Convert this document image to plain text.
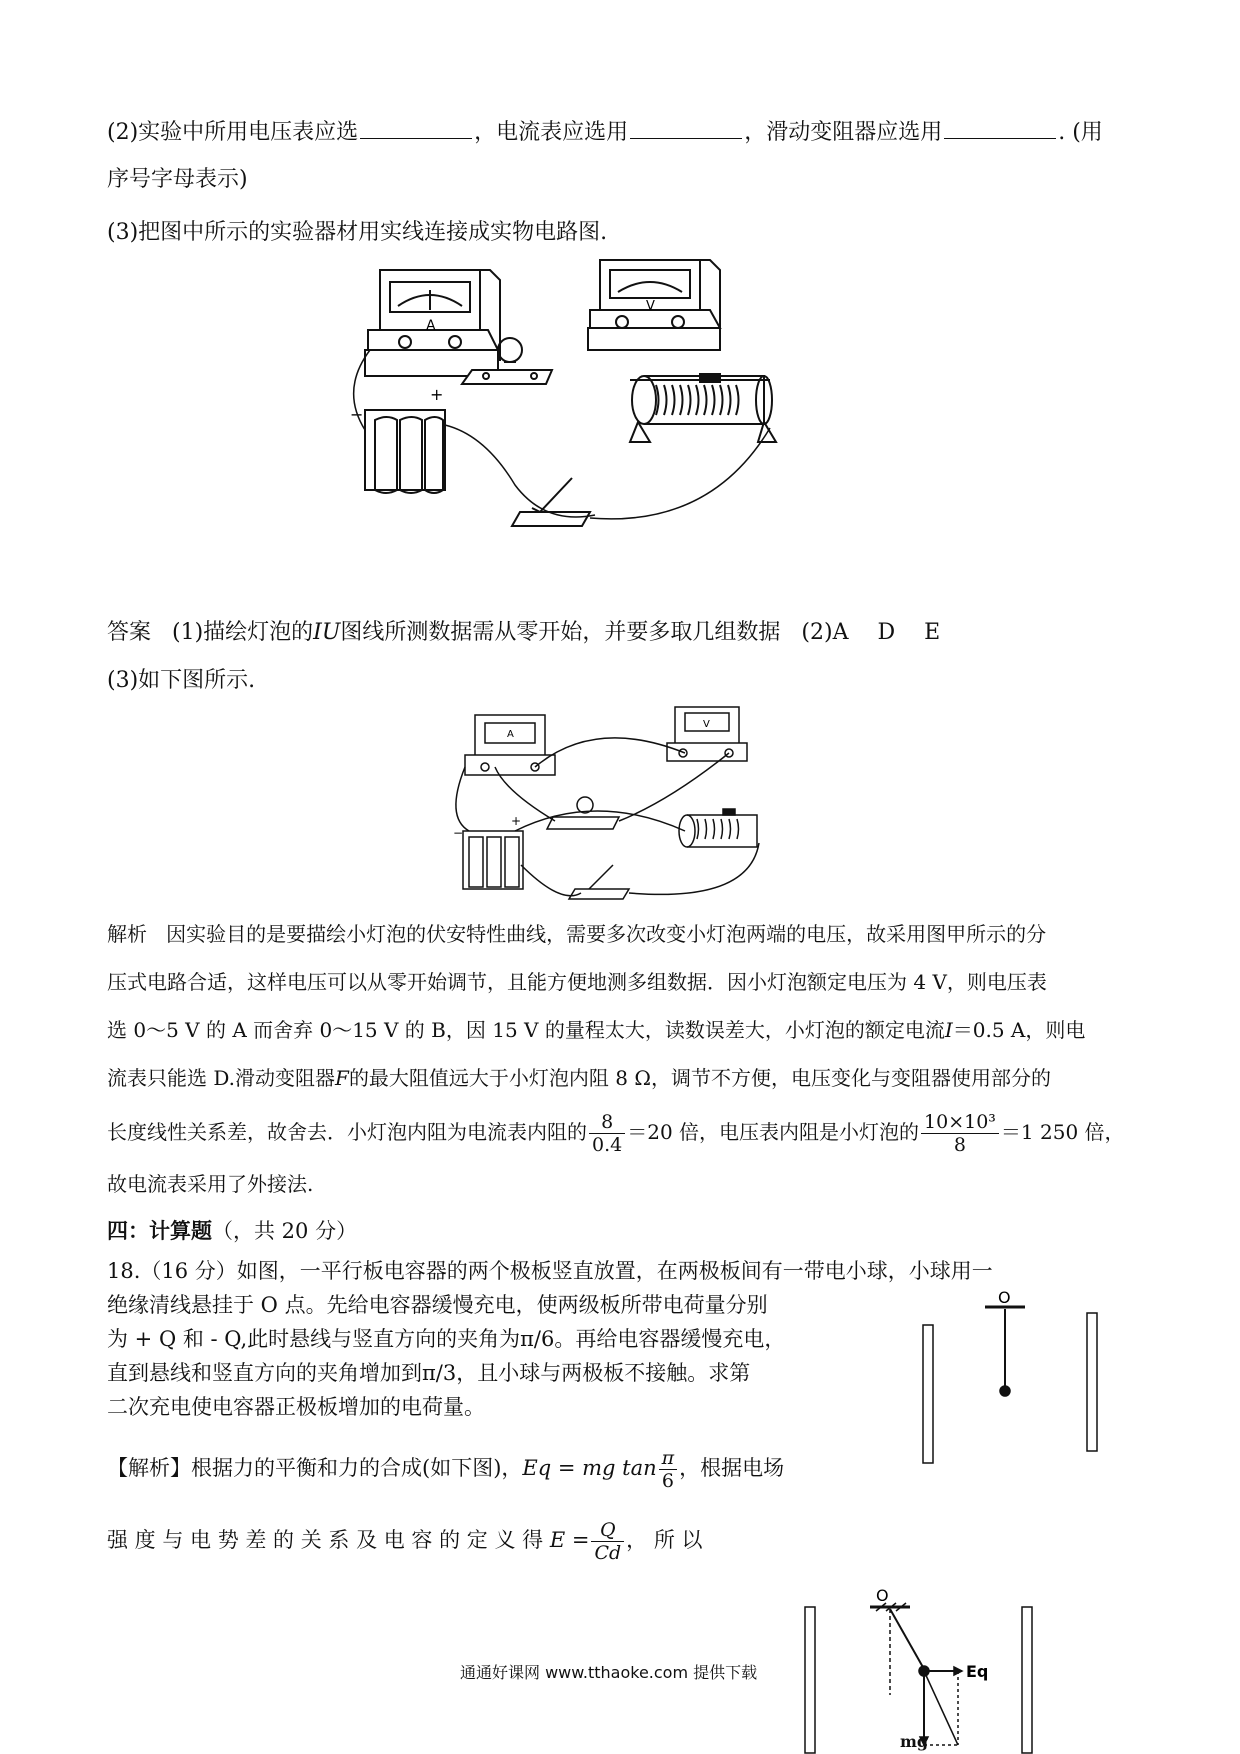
(2)实验中所用电压表应选	，电流表应选用	，滑动变阻器应选用	. (用
序号字母表示)
(3)把图中所示的实验器材用实线连接成实物电路图.
A
V
−
+
答案 (1)描绘灯泡的IU图线所测数据需从零开始，并要多取几组数据 (2)A　 D　 E
(3)如下图所示.
A
V
−
+
解析 因实验目的是要描绘小灯泡的伏安特性曲线，需要多次改变小灯泡两端的电压，故采用图甲所示的分
压式电路合适，这样电压可以从零开始调节，且能方便地测多组数据．因小灯泡额定电压为 4 V，则电压表
选 0～5 V 的 A 而舍弃 0～15 V 的 B，因 15 V 的量程太大，读数误差大，小灯泡的额定电流I＝0.5 A，则电
流表只能选 D.滑动变阻器F的最大阻值远大于小灯泡内阻 8 Ω，调节不方便，电压变化与变阻器使用部分的
长度线性关系差，故舍去．小灯泡内阻为电流表内阻的 $\frac{8}{0.4} =20$ 倍，电压表内阻是小灯泡的 $\frac{\text{10×10³}}{8} =1$ 250 倍，
故电流表采用了外接法.
四：计算题（，共 20 分）
18.（16 分）如图，一平行板电容器的两个极板竖直放置，在两极板间有一带电小球，小球用一
绝缘清线悬挂于 O 点。先给电容器缓慢充电，使两级板所带电荷量分别
为 + Q 和 - Q,此时悬线与竖直方向的夹角为π/6。再给电容器缓慢充电，
直到悬线和竖直方向的夹角增加到π/3，且小球与两极板不接触。求第
二次充电使电容器正极板增加的电荷量。
O
【解析】根据力的平衡和力的合成(如下图)，Eq = mg $\tan \frac{\pi}{6}$ ，根据电场
强 度 与 电 势 差 的 关 系 及 电 容 的 定 义 得 $E = \frac{Q}{Cd}$ ， 所 以
O
Eq
mg
通通好课网 www.tthaoke.com 提供下载
